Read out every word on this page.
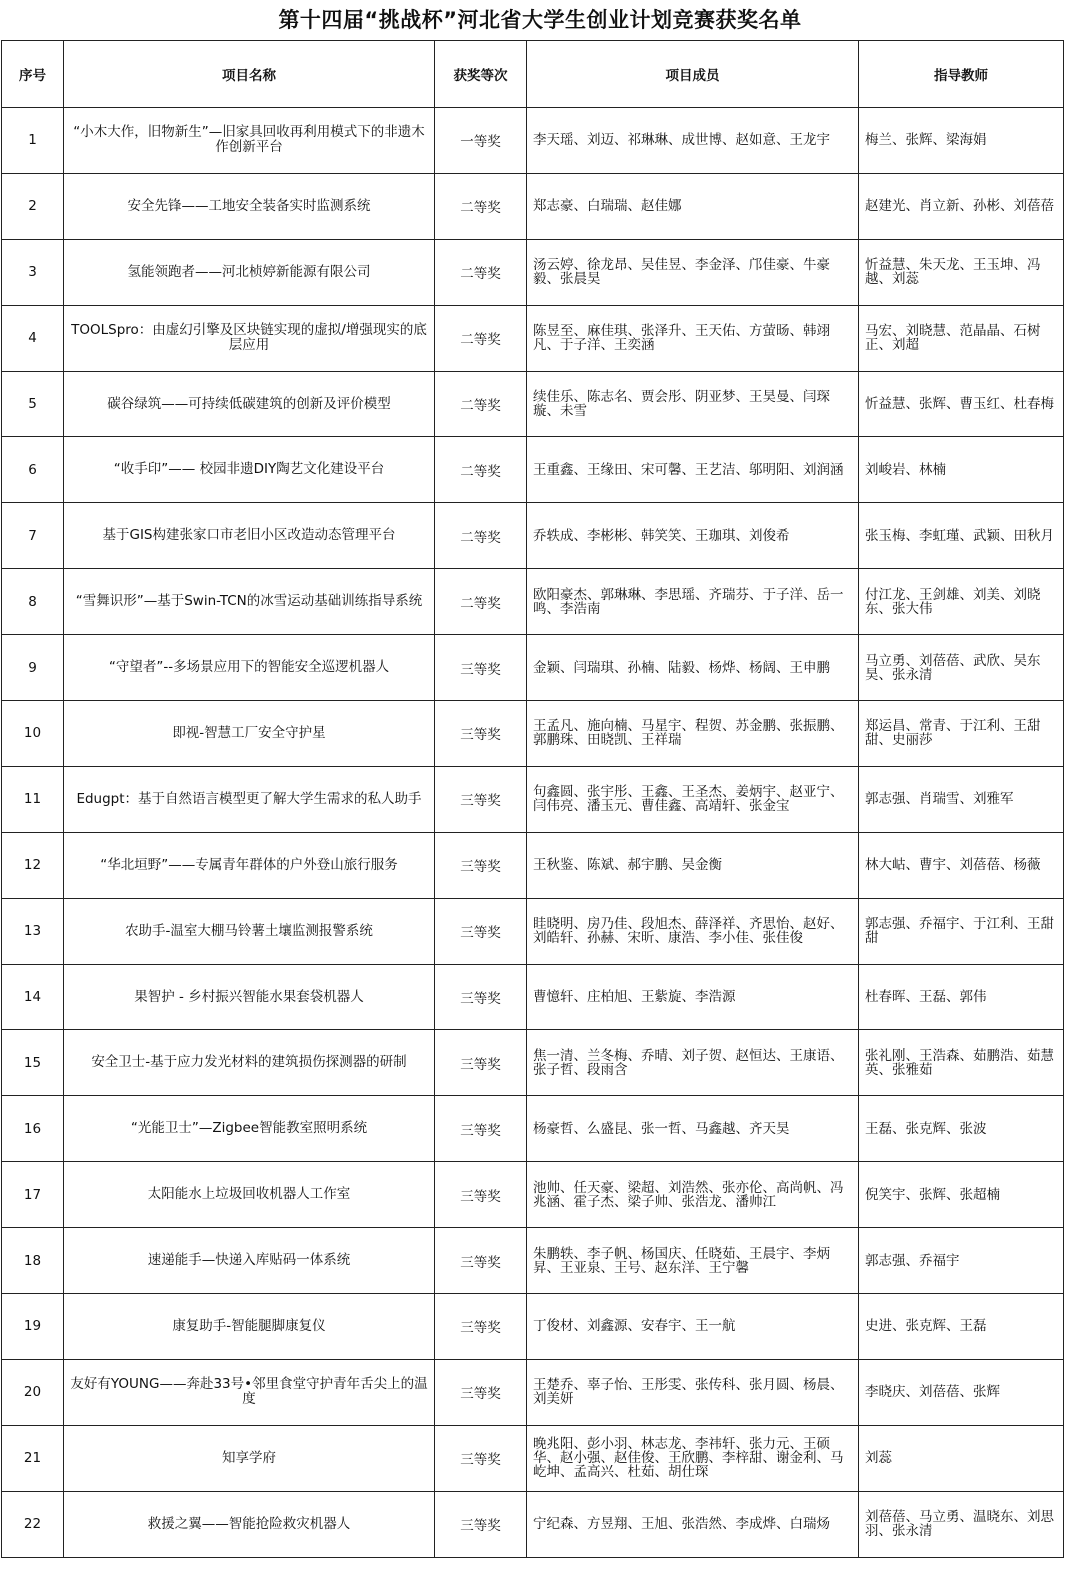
第十四届“挑战杯”河北省大学生创业计划竞赛获奖名单
序号	项目名称	获奖等次	项目成员	指导教师
1	“小木大作，旧物新生”—旧家具回收再利用模式下的非遗木作创新平台	一等奖	李天瑶、刘迈、祁琳琳、成世博、赵如意、王龙宇	梅兰、张辉、梁海娟
2	安全先锋——工地安全装备实时监测系统	二等奖	郑志豪、白瑞瑞、赵佳娜	赵建光、肖立新、孙彬、刘蓓蓓
3	氢能领跑者——河北桢婷新能源有限公司	二等奖	汤云婷、徐龙昂、吴佳昱、李金泽、邝佳豪、牛豪毅、张晨昊	忻益慧、朱天龙、王玉坤、冯越、刘蕊
4	TOOLSpro：由虚幻引擎及区块链实现的虚拟/增强现实的底层应用	二等奖	陈昱至、麻佳琪、张泽升、王天佑、方萤旸、韩翊凡、于子洋、王奕涵	马宏、刘晓慧、范晶晶、石树正、刘超
5	碳谷绿筑——可持续低碳建筑的创新及评价模型	二等奖	续佳乐、陈志名、贾会彤、阴亚梦、王昊曼、闫琛璇、未雪	忻益慧、张辉、曹玉红、杜春梅
6	“收手印”—— 校园非遗DIY陶艺文化建设平台	二等奖	王重鑫、王缘田、宋可馨、王艺洁、邬明阳、刘润涵	刘峻岩、林楠
7	基于GIS构建张家口市老旧小区改造动态管理平台	二等奖	乔轶成、李彬彬、韩笑笑、王珈琪、刘俊希	张玉梅、李虹瑾、武颖、田秋月
8	“雪舞识形”—基于Swin-TCN的冰雪运动基础训练指导系统	二等奖	欧阳豪杰、郭琳琳、李思瑶、齐瑞芬、于子洋、岳一鸣、李浩南	付江龙、王剑雄、刘美、刘晓东、张大伟
9	“守望者”--多场景应用下的智能安全巡逻机器人	三等奖	金颖、闫瑞琪、孙楠、陆毅、杨烨、杨阔、王申鹏	马立勇、刘蓓蓓、武欣、吴东昊、张永清
10	即视-智慧工厂安全守护星	三等奖	王孟凡、施向楠、马星宇、程贺、苏金鹏、张振鹏、郭鹏珠、田晓凯、王祥瑞	郑运昌、常青、于江利、王甜甜、史丽莎
11	Edugpt：基于自然语言模型更了解大学生需求的私人助手	三等奖	句鑫圆、张宇彤、王鑫、王圣杰、姜炳宇、赵亚宁、闫伟亮、潘玉元、曹佳鑫、高靖轩、张金宝	郭志强、肖瑞雪、刘雅军
12	“华北垣野”——专属青年群体的户外登山旅行服务	三等奖	王秋鉴、陈斌、郝宇鹏、吴金衡	林大岵、曹宇、刘蓓蓓、杨薇
13	农助手-温室大棚马铃薯土壤监测报警系统	三等奖	眭晓明、房乃佳、段旭杰、薛泽祥、齐思怡、赵好、刘皓轩、孙赫、宋昕、康浩、李小佳、张佳俊	郭志强、乔福宇、于江利、王甜甜
14	果智护 - 乡村振兴智能水果套袋机器人	三等奖	曹憶轩、庄柏旭、王紫旋、李浩源	杜春晖、王磊、郭伟
15	安全卫士-基于应力发光材料的建筑损伤探测器的研制	三等奖	焦一清、兰冬梅、乔晴、刘子贺、赵恒达、王康语、张子哲、段雨含	张礼刚、王浩森、茹鹏浩、茹慧英、张雅茹
16	“光能卫士”—Zigbee智能教室照明系统	三等奖	杨豪哲、么盛昆、张一哲、马鑫越、齐天昊	王磊、张克辉、张波
17	太阳能水上垃圾回收机器人工作室	三等奖	池帅、任天豪、梁超、刘浩然、张亦伦、高尚帆、冯兆涵、霍子杰、梁子帅、张浩龙、潘帅江	倪笑宇、张辉、张超楠
18	速递能手—快递入库贴码一体系统	三等奖	朱鹏轶、李子帆、杨国庆、任晓茹、王晨宇、李炳昇、王亚泉、王号、赵东洋、王宁馨	郭志强、乔福宇
19	康复助手-智能腿脚康复仪	三等奖	丁俊材、刘鑫源、安春宇、王一航	史进、张克辉、王磊
20	友好有YOUNG——奔赴33号•邻里食堂守护青年舌尖上的温度	三等奖	王楚乔、辜子怡、王彤雯、张传科、张月圆、杨晨、刘美妍	李晓庆、刘蓓蓓、张辉
21	知享学府	三等奖	晚兆阳、彭小羽、林志龙、李祎轩、张力元、王硕华、赵小强、赵佳俊、王欣鹏、李梓甜、谢金利、马屹坤、孟高兴、杜茹、胡仕琛	刘蕊
22	救援之翼——智能抢险救灾机器人	三等奖	宁纪森、方昱翔、王旭、张浩然、李成烨、白瑞炀	刘蓓蓓、马立勇、温晓东、刘思羽、张永清
